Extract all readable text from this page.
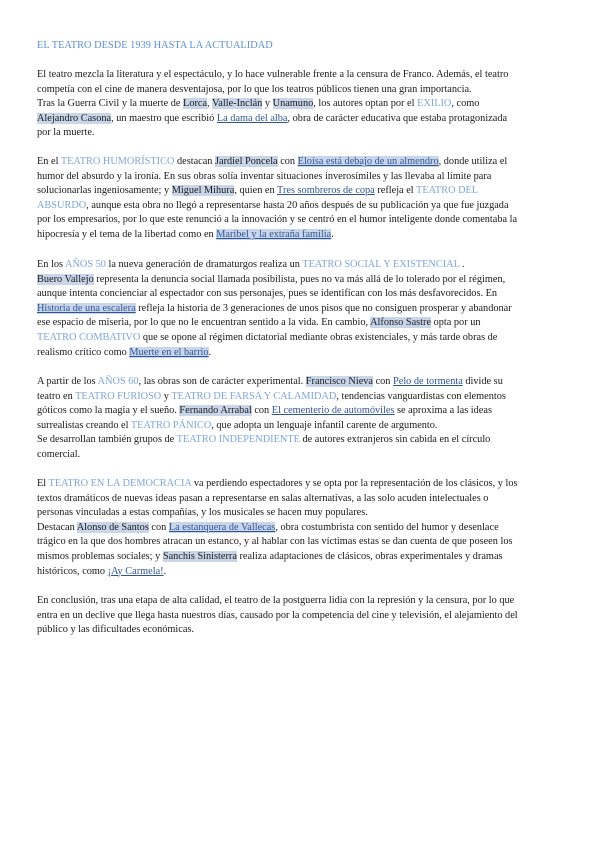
EL TEATRO DESDE 1939 HASTA LA ACTUALIDAD
El teatro mezcla la literatura y el espectáculo, y lo hace vulnerable frente a la censura de Franco. Además, el teatro
competía con el cine de manera desventajosa, por lo que los teatros públicos tienen una gran importancia.
Tras la Guerra Civil y la muerte de Lorca, Valle-Inclán y Unamuno, los autores optan por el EXILIO, como
Alejandro Casona, un maestro que escribió La dama del alba, obra de carácter educativa que estaba protagonizada
por la muerte.
En el TEATRO HUMORÍSTICO destacan Jardiel Poncela con Eloísa está debajo de un almendro, donde utiliza el
humor del absurdo y la ironía. En sus obras solía inventar situaciones inverosímiles y las llevaba al límite para
solucionarlas ingeniosamente; y Miguel Mihura, quien en Tres sombreros de copa refleja el TEATRO DEL
ABSURDO, aunque esta obra no llegó a representarse hasta 20 años después de su publicación ya que fue juzgada
por los empresarios, por lo que este renunció a la innovación y se centró en el humor inteligente donde comentaba la
hipocresía y el tema de la libertad como en Maribel y la extraña familia.
En los AÑOS 50 la nueva generación de dramaturgos realiza un TEATRO SOCIAL Y EXISTENCIAL .
Buero Vallejo representa la denuncia social llamada posibilista, pues no va más allá de lo tolerado por el régimen,
aunque intenta concienciar al espectador con sus personajes, pues se identifican con los más desfavorecidos. En
Historia de una escalera refleja la historia de 3 generaciones de unos pisos que no consiguen prosperar y abandonar
ese espacio de miseria, por lo que no le encuentran sentido a la vida. En cambio, Alfonso Sastre opta por un
TEATRO COMBATIVO que se opone al régimen dictatorial mediante obras existenciales, y más tarde obras de
realismo crítico como Muerte en el barrio.
A partir de los AÑOS 60, las obras son de carácter experimental. Francisco Nieva con Pelo de tormenta divide su
teatro en TEATRO FURIOSO y TEATRO DE FARSA Y CALAMIDAD, tendencias vanguardistas con elementos
góticos como la magia y el sueño. Fernando Arrabal con El cementerio de automóviles se aproxima a las ideas
surrealistas creando el TEATRO PÁNICO, que adopta un lenguaje infantil carente de argumento.
Se desarrollan también grupos de TEATRO INDEPENDIENTE de autores extranjeros sin cabida en el círculo
comercial.
El TEATRO EN LA DEMOCRACIA va perdiendo espectadores y se opta por la representación de los clásicos, y los
textos dramáticos de nuevas ideas pasan a representarse en salas alternativas, a las solo acuden intelectuales o
personas vinculadas a estas compañías, y los musicales se hacen muy populares.
Destacan Alonso de Santos con La estanquera de Vallecas, obra costumbrista con sentido del humor y desenlace
trágico en la que dos hombres atracan un estanco, y al hablar con las víctimas estas se dan cuenta de que poseen los
mismos problemas sociales; y Sanchis Sinisterra realiza adaptaciones de clásicos, obras experimentales y dramas
históricos, como ¡Ay Carmela!.
En conclusión, tras una etapa de alta calidad, el teatro de la postguerra lidia con la represión y la censura, por lo que
entra en un declive que llega hasta nuestros días, causado por la competencia del cine y televisión, el alejamiento del
público y las dificultades económicas.
